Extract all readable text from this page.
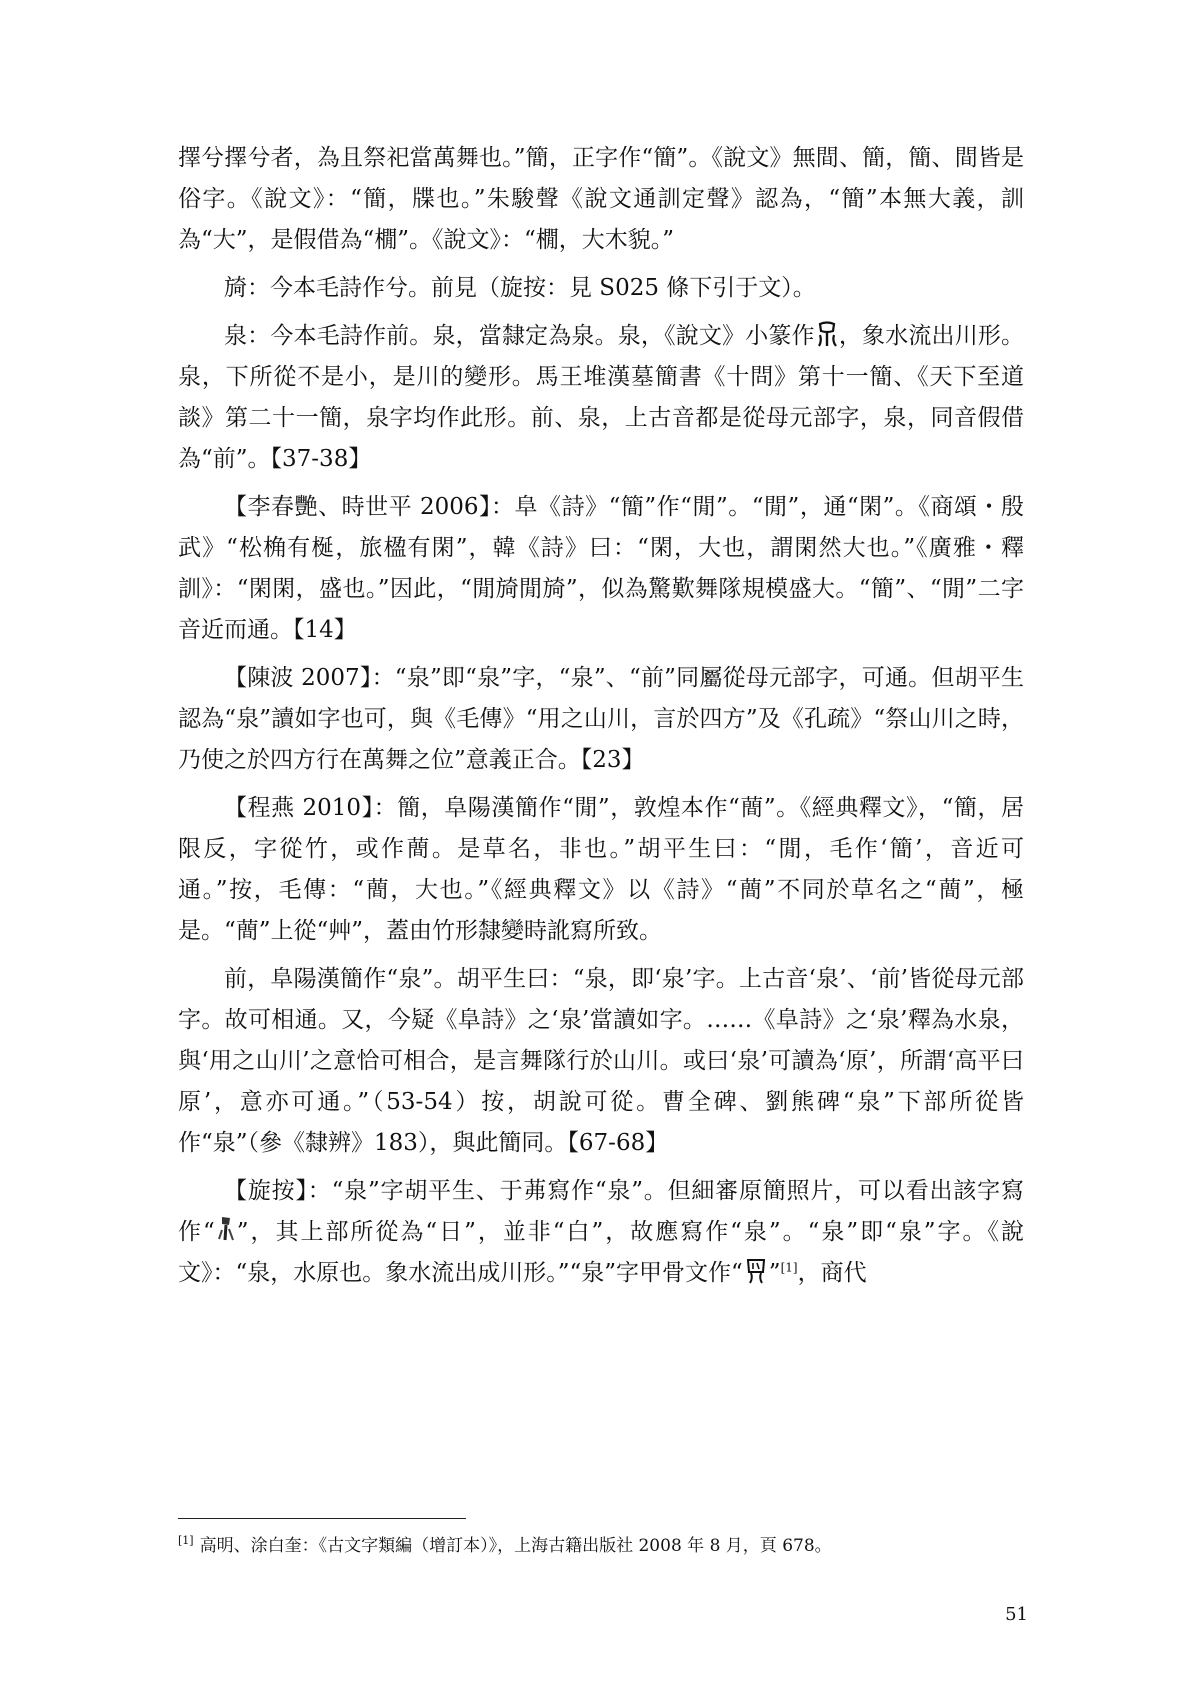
擇兮擇兮者，為且祭祀當萬舞也。”簡，正字作“簡”。《說文》無間、簡，簡、間皆是俗字。《說文》：“簡，牒也。”朱駿聲《說文通訓定聲》認為，“簡”本無大義，訓為“大”，是假借為“橌”。《說文》：“橌，大木貌。”

旑：今本毛詩作兮。前見（旋按：見 S025 條下引于文）。

泉：今本毛詩作前。泉，當隸定為泉。泉，《說文》小篆作 ，象水流出川形。泉，下所從不是小，是川的變形。馬王堆漢墓簡書《十問》第十一簡、《天下至道談》第二十一簡，泉字均作此形。前、泉，上古音都是從母元部字，泉，同音假借為“前”。【37-38】

【李春艷、時世平 2006】：阜《詩》“簡”作“閒”。“閒”，通“閑”。《商頌・殷武》“松桷有梴，旅楹有閑”，韓《詩》曰：“閑，大也，謂閑然大也。”《廣雅・釋訓》：“閑閑，盛也。”因此，“閒旑閒旑”，似為驚歎舞隊規模盛大。“簡”、“閒”二字音近而通。【14】

【陳波 2007】：“泉”即“泉”字，“泉”、“前”同屬從母元部字，可通。但胡平生認為“泉”讀如字也可，與《毛傳》“用之山川，言於四方”及《孔疏》“祭山川之時，乃使之於四方行在萬舞之位”意義正合。【23】

【程燕 2010】：簡，阜陽漢簡作“閒”，敦煌本作“蕳”。《經典釋文》，“簡，居限反，字從竹，或作蕳。是草名，非也。”胡平生曰：“閒，毛作‘簡’，音近可通。”按，毛傳：“蕳，大也。”《經典釋文》以《詩》“蕳”不同於草名之“蕳”，極是。“蕳”上從“艸”，蓋由竹形隸變時訛寫所致。

前，阜陽漢簡作“泉”。胡平生曰：“泉，即‘泉’字。上古音‘泉’、‘前’皆從母元部字。故可相通。又，今疑《阜詩》之‘泉’當讀如字。……《阜詩》之‘泉’釋為水泉，與‘用之山川’之意恰可相合，是言舞隊行於山川。或曰‘泉’可讀為‘原’，所謂‘高平曰原’，意亦可通。”（53-54）按，胡說可從。曹全碑、劉熊碑“泉”下部所從皆作“泉”（參《隸辨》183），與此簡同。【67-68】

【旋按】：“泉”字胡平生、于茀寫作“泉”。但細審原簡照片，可以看出該字寫作“ ”，其上部所從為“日”，並非“白”，故應寫作“泉”。“泉”即“泉”字。《說文》：“泉，水原也。象水流出成川形。”“泉”字甲骨文作“ ”[1]，商代

[1] 高明、涂白奎：《古文字類編（增訂本）》，上海古籍出版社 2008 年 8 月，頁 678。
51
